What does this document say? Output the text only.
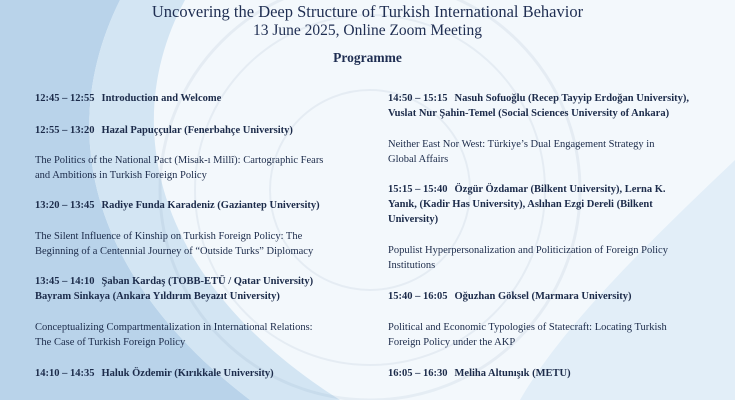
Uncovering the Deep Structure of Turkish International Behavior
13 June 2025, Online Zoom Meeting
Programme
12:45 – 12:55 Introduction and Welcome
12:55 – 13:20 Hazal Papuççular (Fenerbahçe University)
The Politics of the National Pact (Misak-ı Millî): Cartographic Fears
and Ambitions in Turkish Foreign Policy
13:20 – 13:45 Radiye Funda Karadeniz (Gaziantep University)
The Silent Influence of Kinship on Turkish Foreign Policy: The
Beginning of a Centennial Journey of “Outside Turks” Diplomacy
13:45 – 14:10 Şaban Kardaş (TOBB-ETÜ / Qatar University)
Bayram Sinkaya (Ankara Yıldırım Beyazıt University)
Conceptualizing Compartmentalization in International Relations:
The Case of Turkish Foreign Policy
14:10 – 14:35 Haluk Özdemir (Kırıkkale University)
14:50 – 15:15 Nasuh Sofuoğlu (Recep Tayyip Erdoğan University),
Vuslat Nur Şahin-Temel (Social Sciences University of Ankara)
Neither East Nor West: Türkiye’s Dual Engagement Strategy in
Global Affairs
15:15 – 15:40 Özgür Özdamar (Bilkent University), Lerna K.
Yanık, (Kadir Has University), Aslıhan Ezgi Dereli (Bilkent
University)
Populist Hyperpersonalization and Politicization of Foreign Policy
Institutions
15:40 – 16:05 Oğuzhan Göksel (Marmara University)
Political and Economic Typologies of Statecraft: Locating Turkish
Foreign Policy under the AKP
16:05 – 16:30 Meliha Altunışık (METU)
